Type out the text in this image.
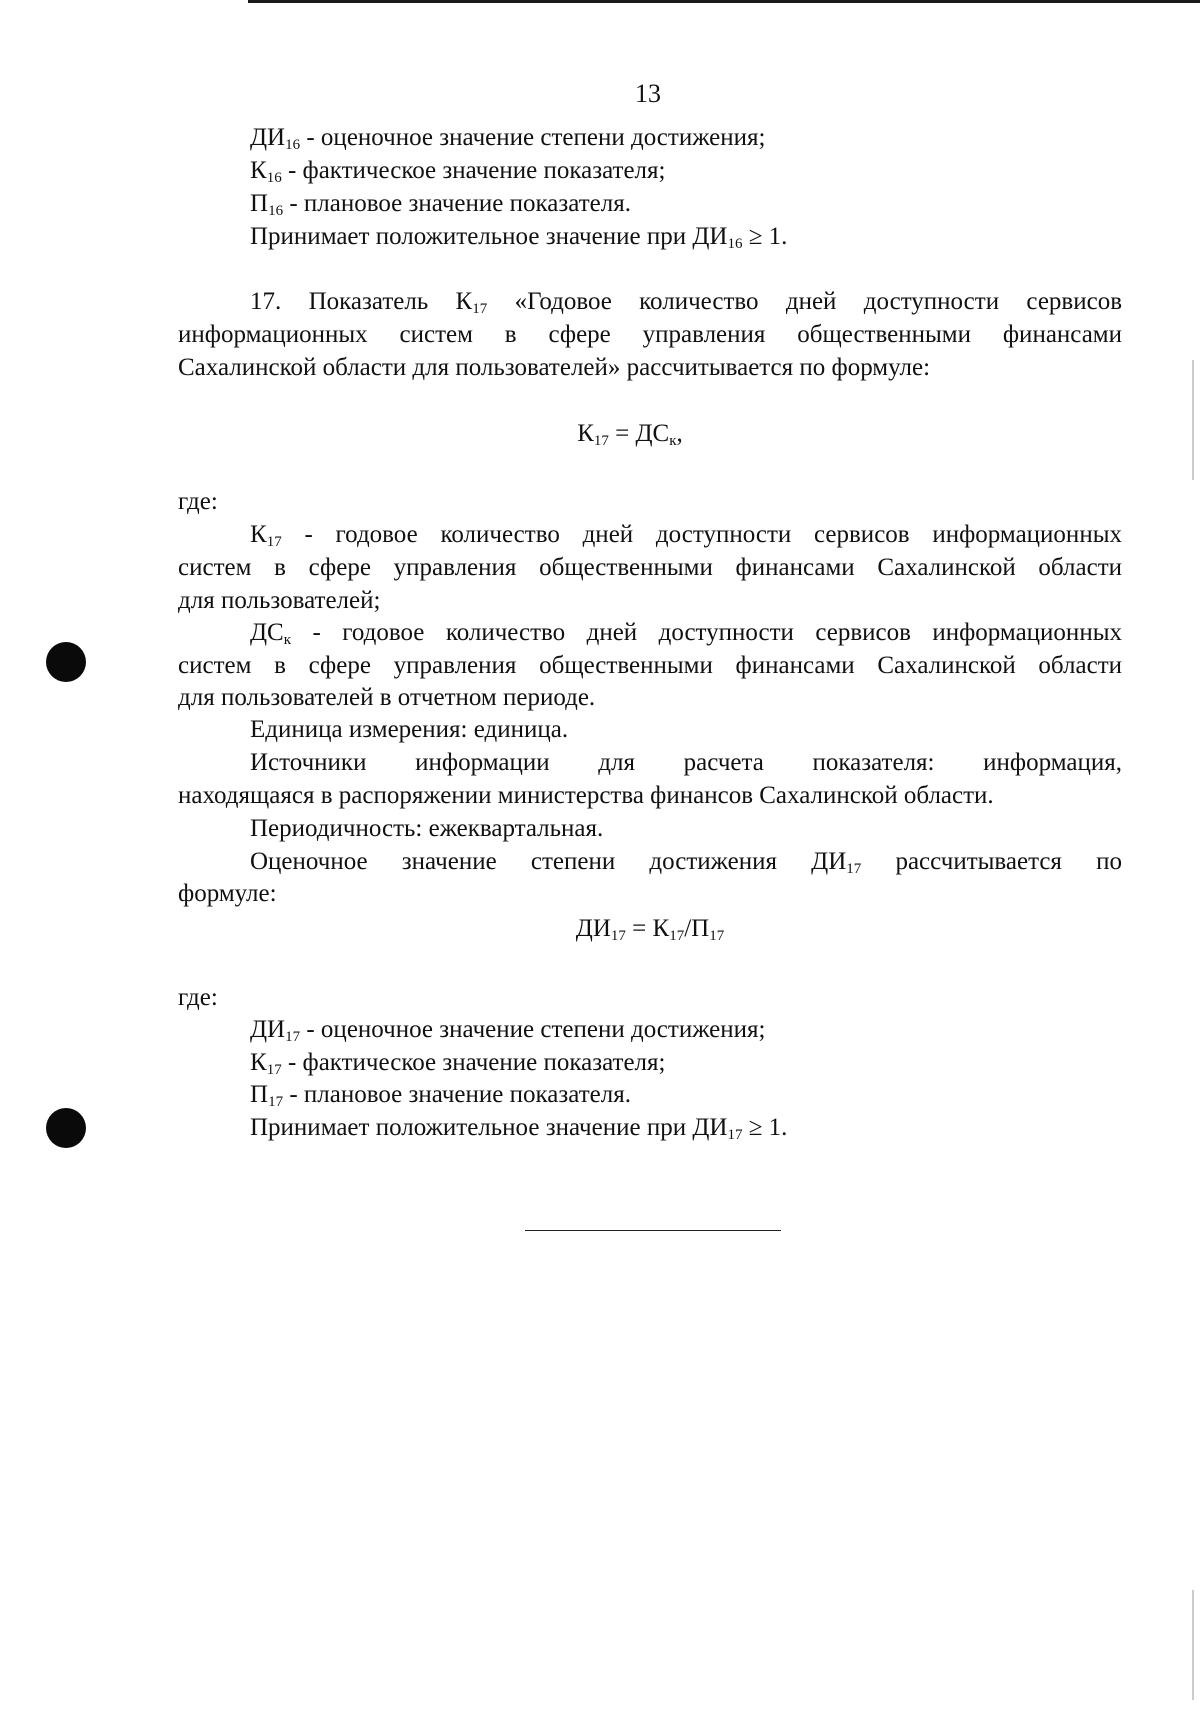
13
$ДИ_{16}$ - оценочное значение степени достижения;
$К_{16}$ - фактическое значение показателя;
$П_{16}$ - плановое значение показателя.
Принимает положительное значение при $ДИ_{16} \ge 1$.
17. Показатель $К_{17}$ «Годовое количество дней доступности сервисов
информационных систем в сфере управления общественными финансами
Сахалинской области для пользователей» рассчитывается по формуле:
$К_{17} = ДС_к$,
где:
$К_{17}$ - годовое количество дней доступности сервисов информационных
систем в сфере управления общественными финансами Сахалинской области
для пользователей;
$ДС_к$ - годовое количество дней доступности сервисов информационных
систем в сфере управления общественными финансами Сахалинской области
для пользователей в отчетном периоде.
Единица измерения: единица.
Источники информации для расчета показателя: информация,
находящаяся в распоряжении министерства финансов Сахалинской области.
Периодичность: ежеквартальная.
Оценочное значение степени достижения $ДИ_{17}$ рассчитывается по
формуле:
$ДИ_{17} = К_{17}/П_{17}$
где:
$ДИ_{17}$ - оценочное значение степени достижения;
$К_{17}$ - фактическое значение показателя;
$П_{17}$ - плановое значение показателя.
Принимает положительное значение при $ДИ_{17} \ge 1$.
